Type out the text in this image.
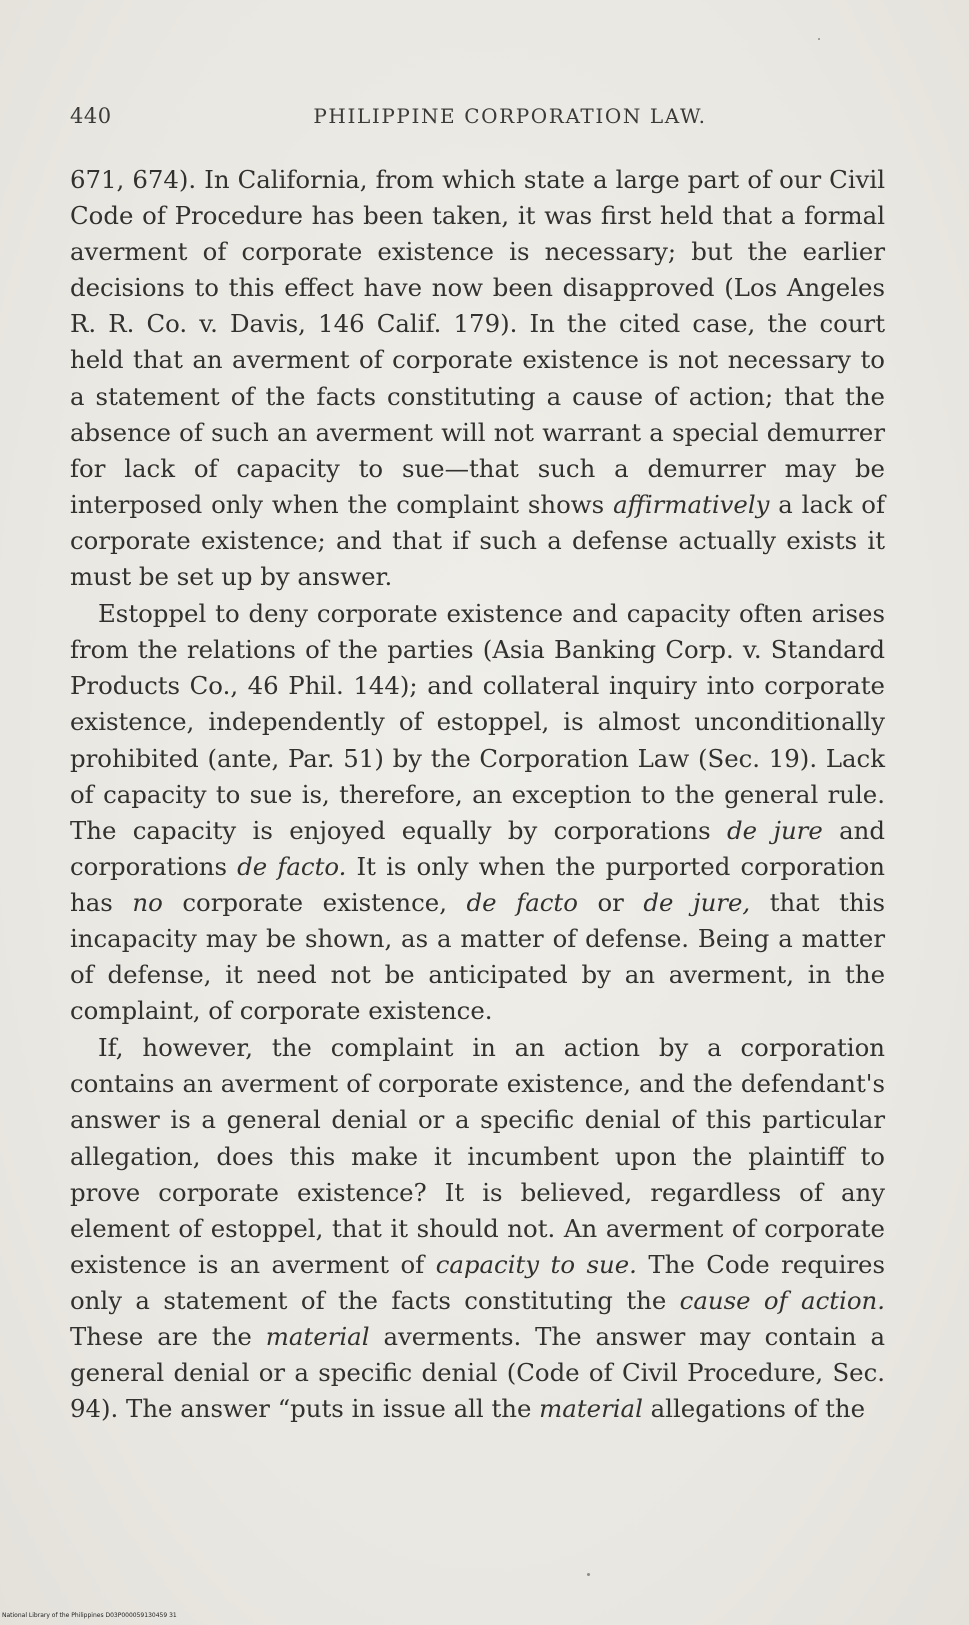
440	PHILIPPINE CORPORATION LAW.

671, 674). In California, from which state a large part of our Civil Code of Procedure has been taken, it was first held that a formal averment of corporate existence is necessary; but the earlier decisions to this effect have now been disapproved (Los Angeles R. R. Co. v. Davis, 146 Calif. 179). In the cited case, the court held that an averment of corporate existence is not necessary to a statement of the facts constituting a cause of action; that the absence of such an averment will not warrant a special demurrer for lack of capacity to sue—that such a demurrer may be interposed only when the complaint shows affirmatively a lack of corporate existence; and that if such a defense actually exists it must be set up by answer.

Estoppel to deny corporate existence and capacity often arises from the relations of the parties (Asia Banking Corp. v. Standard Products Co., 46 Phil. 144); and collateral inquiry into corporate existence, independently of estoppel, is almost unconditionally prohibited (ante, Par. 51) by the Corporation Law (Sec. 19). Lack of capacity to sue is, therefore, an exception to the general rule. The capacity is enjoyed equally by corporations de jure and corporations de facto. It is only when the purported corporation has no corporate existence, de facto or de jure, that this incapacity may be shown, as a matter of defense. Being a matter of defense, it need not be anticipated by an averment, in the complaint, of corporate existence.

If, however, the complaint in an action by a corporation contains an averment of corporate existence, and the defendant's answer is a general denial or a specific denial of this particular allegation, does this make it incumbent upon the plaintiff to prove corporate existence? It is believed, regardless of any element of estoppel, that it should not. An averment of corporate existence is an averment of capacity to sue. The Code requires only a statement of the facts constituting the cause of action. These are the material averments. The answer may contain a general denial or a specific denial (Code of Civil Procedure, Sec. 94). The answer “puts in issue all the material allegations of the

National Library of the Philippines D03P000059130459 31
